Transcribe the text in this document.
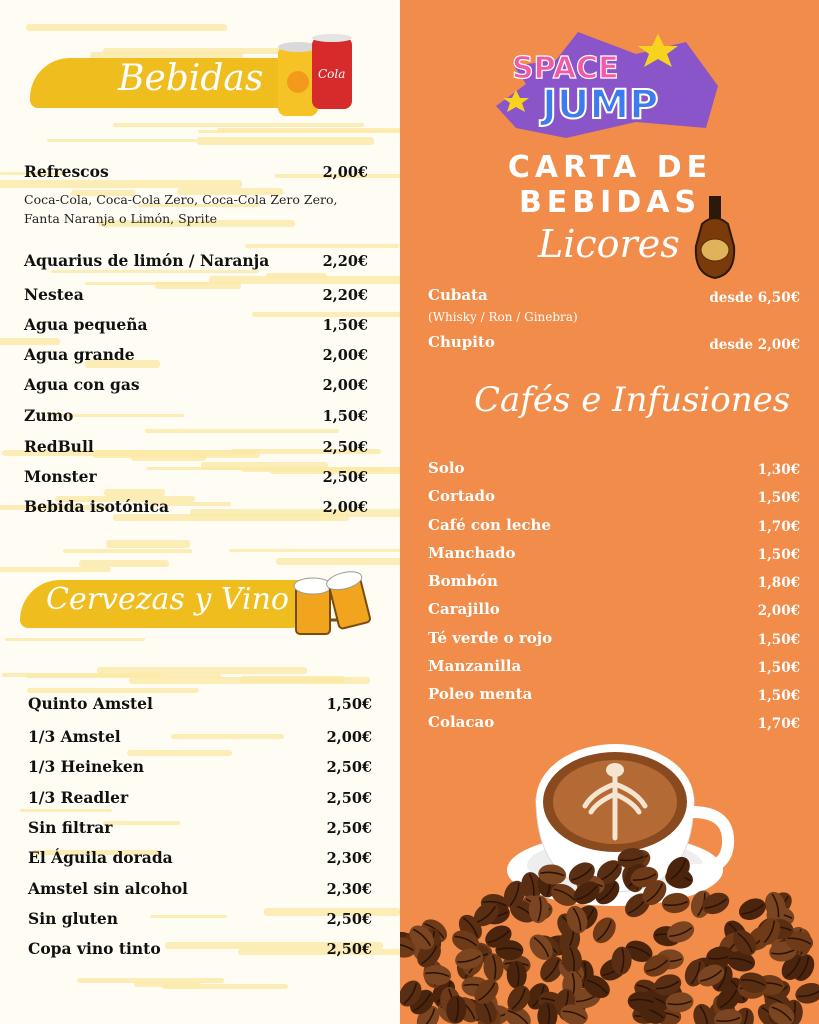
Bebidas	Cola
Refrescos	2,00€
Coca-Cola, Coca-Cola Zero, Coca-Cola Zero Zero,
Fanta Naranja o Limón, Sprite
Aquarius de limón / Naranja	2,20€
Nestea	2,20€
Agua pequeña	1,50€
Agua grande	2,00€
Agua con gas	2,00€
Zumo	1,50€
RedBull	2,50€
Monster	2,50€
Bebida isotónica	2,00€
Cervezas y Vino
Quinto Amstel	1,50€
1/3 Amstel	2,00€
1/3 Heineken	2,50€
1/3 Readler	2,50€
Sin filtrar	2,50€
El Águila dorada	2,30€
Amstel sin alcohol	2,30€
Sin gluten	2,50€
Copa vino tinto	2,50€
SPACE
JUMP
CARTA DE BEBIDAS
Licores
Cubata	desde 6,50€
(Whisky / Ron / Ginebra)
Chupito	desde 2,00€
Cafés e Infusiones
Solo	1,30€
Cortado	1,50€
Café con leche	1,70€
Manchado	1,50€
Bombón	1,80€
Carajillo	2,00€
Té verde o rojo	1,50€
Manzanilla	1,50€
Poleo menta	1,50€
Colacao	1,70€
